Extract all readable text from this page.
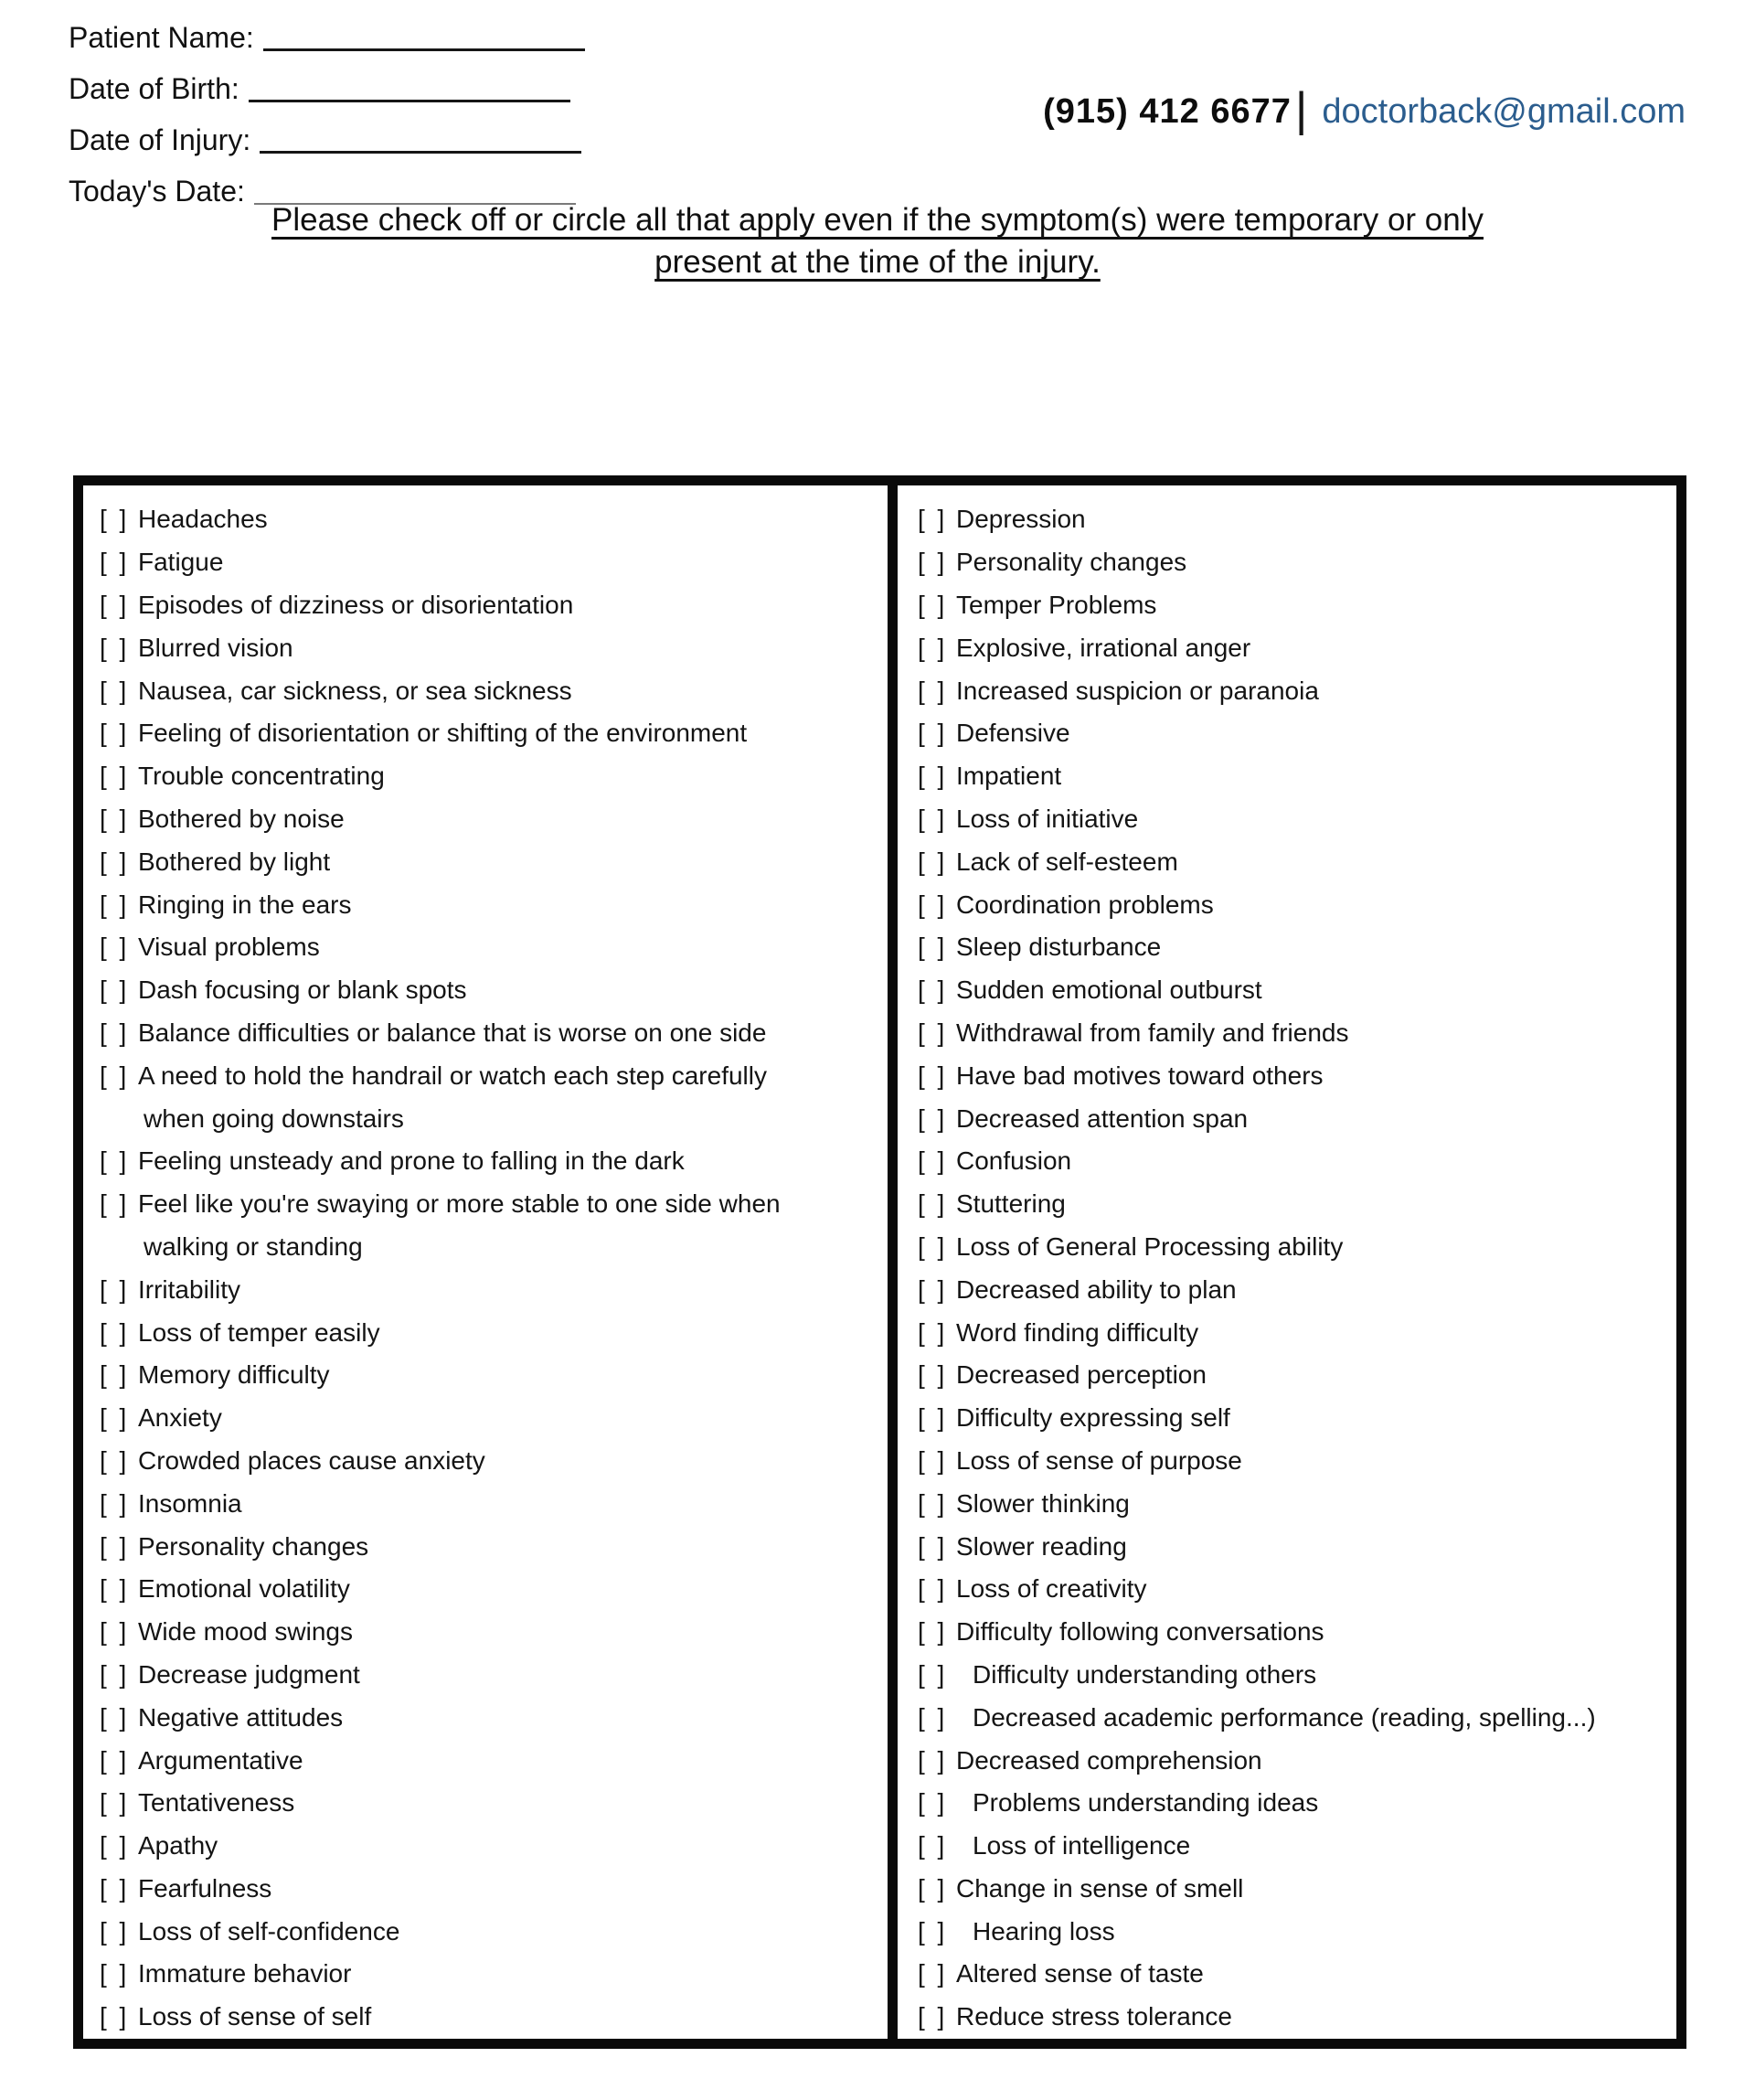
Patient Name:
Date of Birth:
Date of Injury:
Today's Date:
(915) 412 6677 | doctorback@gmail.com
Please check off or circle all that apply even if the symptom(s) were temporary or only
present at the time of the injury.
[ ] Headaches
[ ] Fatigue
[ ] Episodes of dizziness or disorientation
[ ] Blurred vision
[ ] Nausea, car sickness, or sea sickness
[ ] Feeling of disorientation or shifting of the environment
[ ] Trouble concentrating
[ ] Bothered by noise
[ ] Bothered by light
[ ] Ringing in the ears
[ ] Visual problems
[ ] Dash focusing or blank spots
[ ] Balance difficulties or balance that is worse on one side
[ ] A need to hold the handrail or watch each step carefully
when going downstairs
[ ] Feeling unsteady and prone to falling in the dark
[ ] Feel like you're swaying or more stable to one side when
walking or standing
[ ] Irritability
[ ] Loss of temper easily
[ ] Memory difficulty
[ ] Anxiety
[ ] Crowded places cause anxiety
[ ] Insomnia
[ ] Personality changes
[ ] Emotional volatility
[ ] Wide mood swings
[ ] Decrease judgment
[ ] Negative attitudes
[ ] Argumentative
[ ] Tentativeness
[ ] Apathy
[ ] Fearfulness
[ ] Loss of self-confidence
[ ] Immature behavior
[ ] Loss of sense of self
[ ] Depression
[ ] Personality changes
[ ] Temper Problems
[ ] Explosive, irrational anger
[ ] Increased suspicion or paranoia
[ ] Defensive
[ ] Impatient
[ ] Loss of initiative
[ ] Lack of self-esteem
[ ] Coordination problems
[ ] Sleep disturbance
[ ] Sudden emotional outburst
[ ] Withdrawal from family and friends
[ ] Have bad motives toward others
[ ] Decreased attention span
[ ] Confusion
[ ] Stuttering
[ ] Loss of General Processing ability
[ ] Decreased ability to plan
[ ] Word finding difficulty
[ ] Decreased perception
[ ] Difficulty expressing self
[ ] Loss of sense of purpose
[ ] Slower thinking
[ ] Slower reading
[ ] Loss of creativity
[ ] Difficulty following conversations
[ ] Difficulty understanding others
[ ] Decreased academic performance (reading, spelling...)
[ ] Decreased comprehension
[ ] Problems understanding ideas
[ ] Loss of intelligence
[ ] Change in sense of smell
[ ] Hearing loss
[ ] Altered sense of taste
[ ] Reduce stress tolerance
